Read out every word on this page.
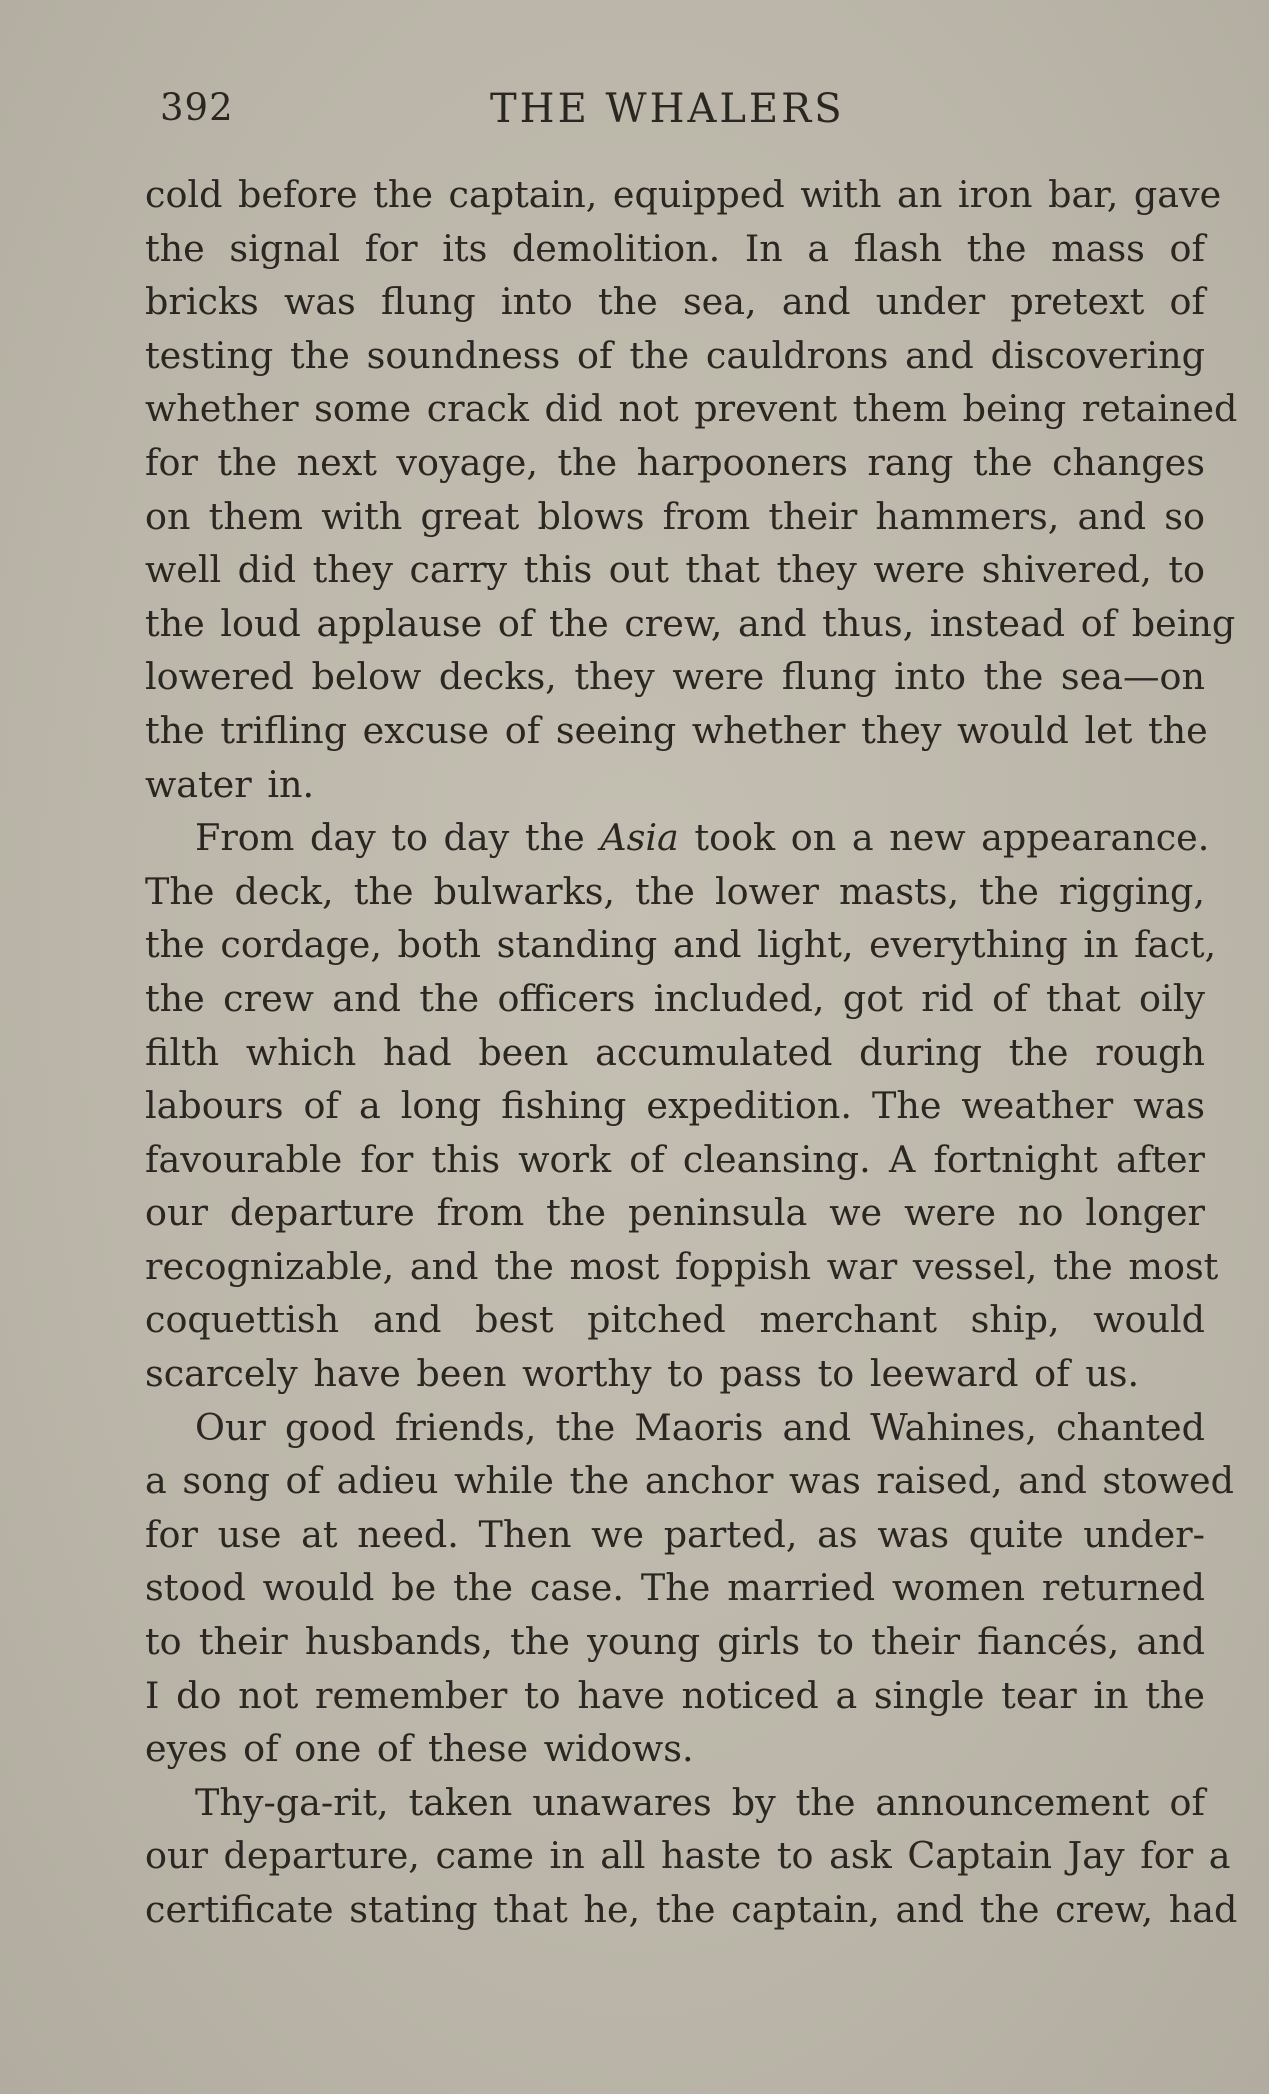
392	THE WHALERS
cold before the captain, equipped with an iron bar, gave
the signal for its demolition. In a flash the mass of
bricks was flung into the sea, and under pretext of
testing the soundness of the cauldrons and discovering
whether some crack did not prevent them being retained
for the next voyage, the harpooners rang the changes
on them with great blows from their hammers, and so
well did they carry this out that they were shivered, to
the loud applause of the crew, and thus, instead of being
lowered below decks, they were flung into the sea—on
the trifling excuse of seeing whether they would let the
water in.
From day to day the Asia took on a new appearance.
The deck, the bulwarks, the lower masts, the rigging,
the cordage, both standing and light, everything in fact,
the crew and the officers included, got rid of that oily
filth which had been accumulated during the rough
labours of a long fishing expedition. The weather was
favourable for this work of cleansing. A fortnight after
our departure from the peninsula we were no longer
recognizable, and the most foppish war vessel, the most
coquettish and best pitched merchant ship, would
scarcely have been worthy to pass to leeward of us.
Our good friends, the Maoris and Wahines, chanted
a song of adieu while the anchor was raised, and stowed
for use at need. Then we parted, as was quite under-
stood would be the case. The married women returned
to their husbands, the young girls to their fiancés, and
I do not remember to have noticed a single tear in the
eyes of one of these widows.
Thy-ga-rit, taken unawares by the announcement of
our departure, came in all haste to ask Captain Jay for a
certificate stating that he, the captain, and the crew, had
